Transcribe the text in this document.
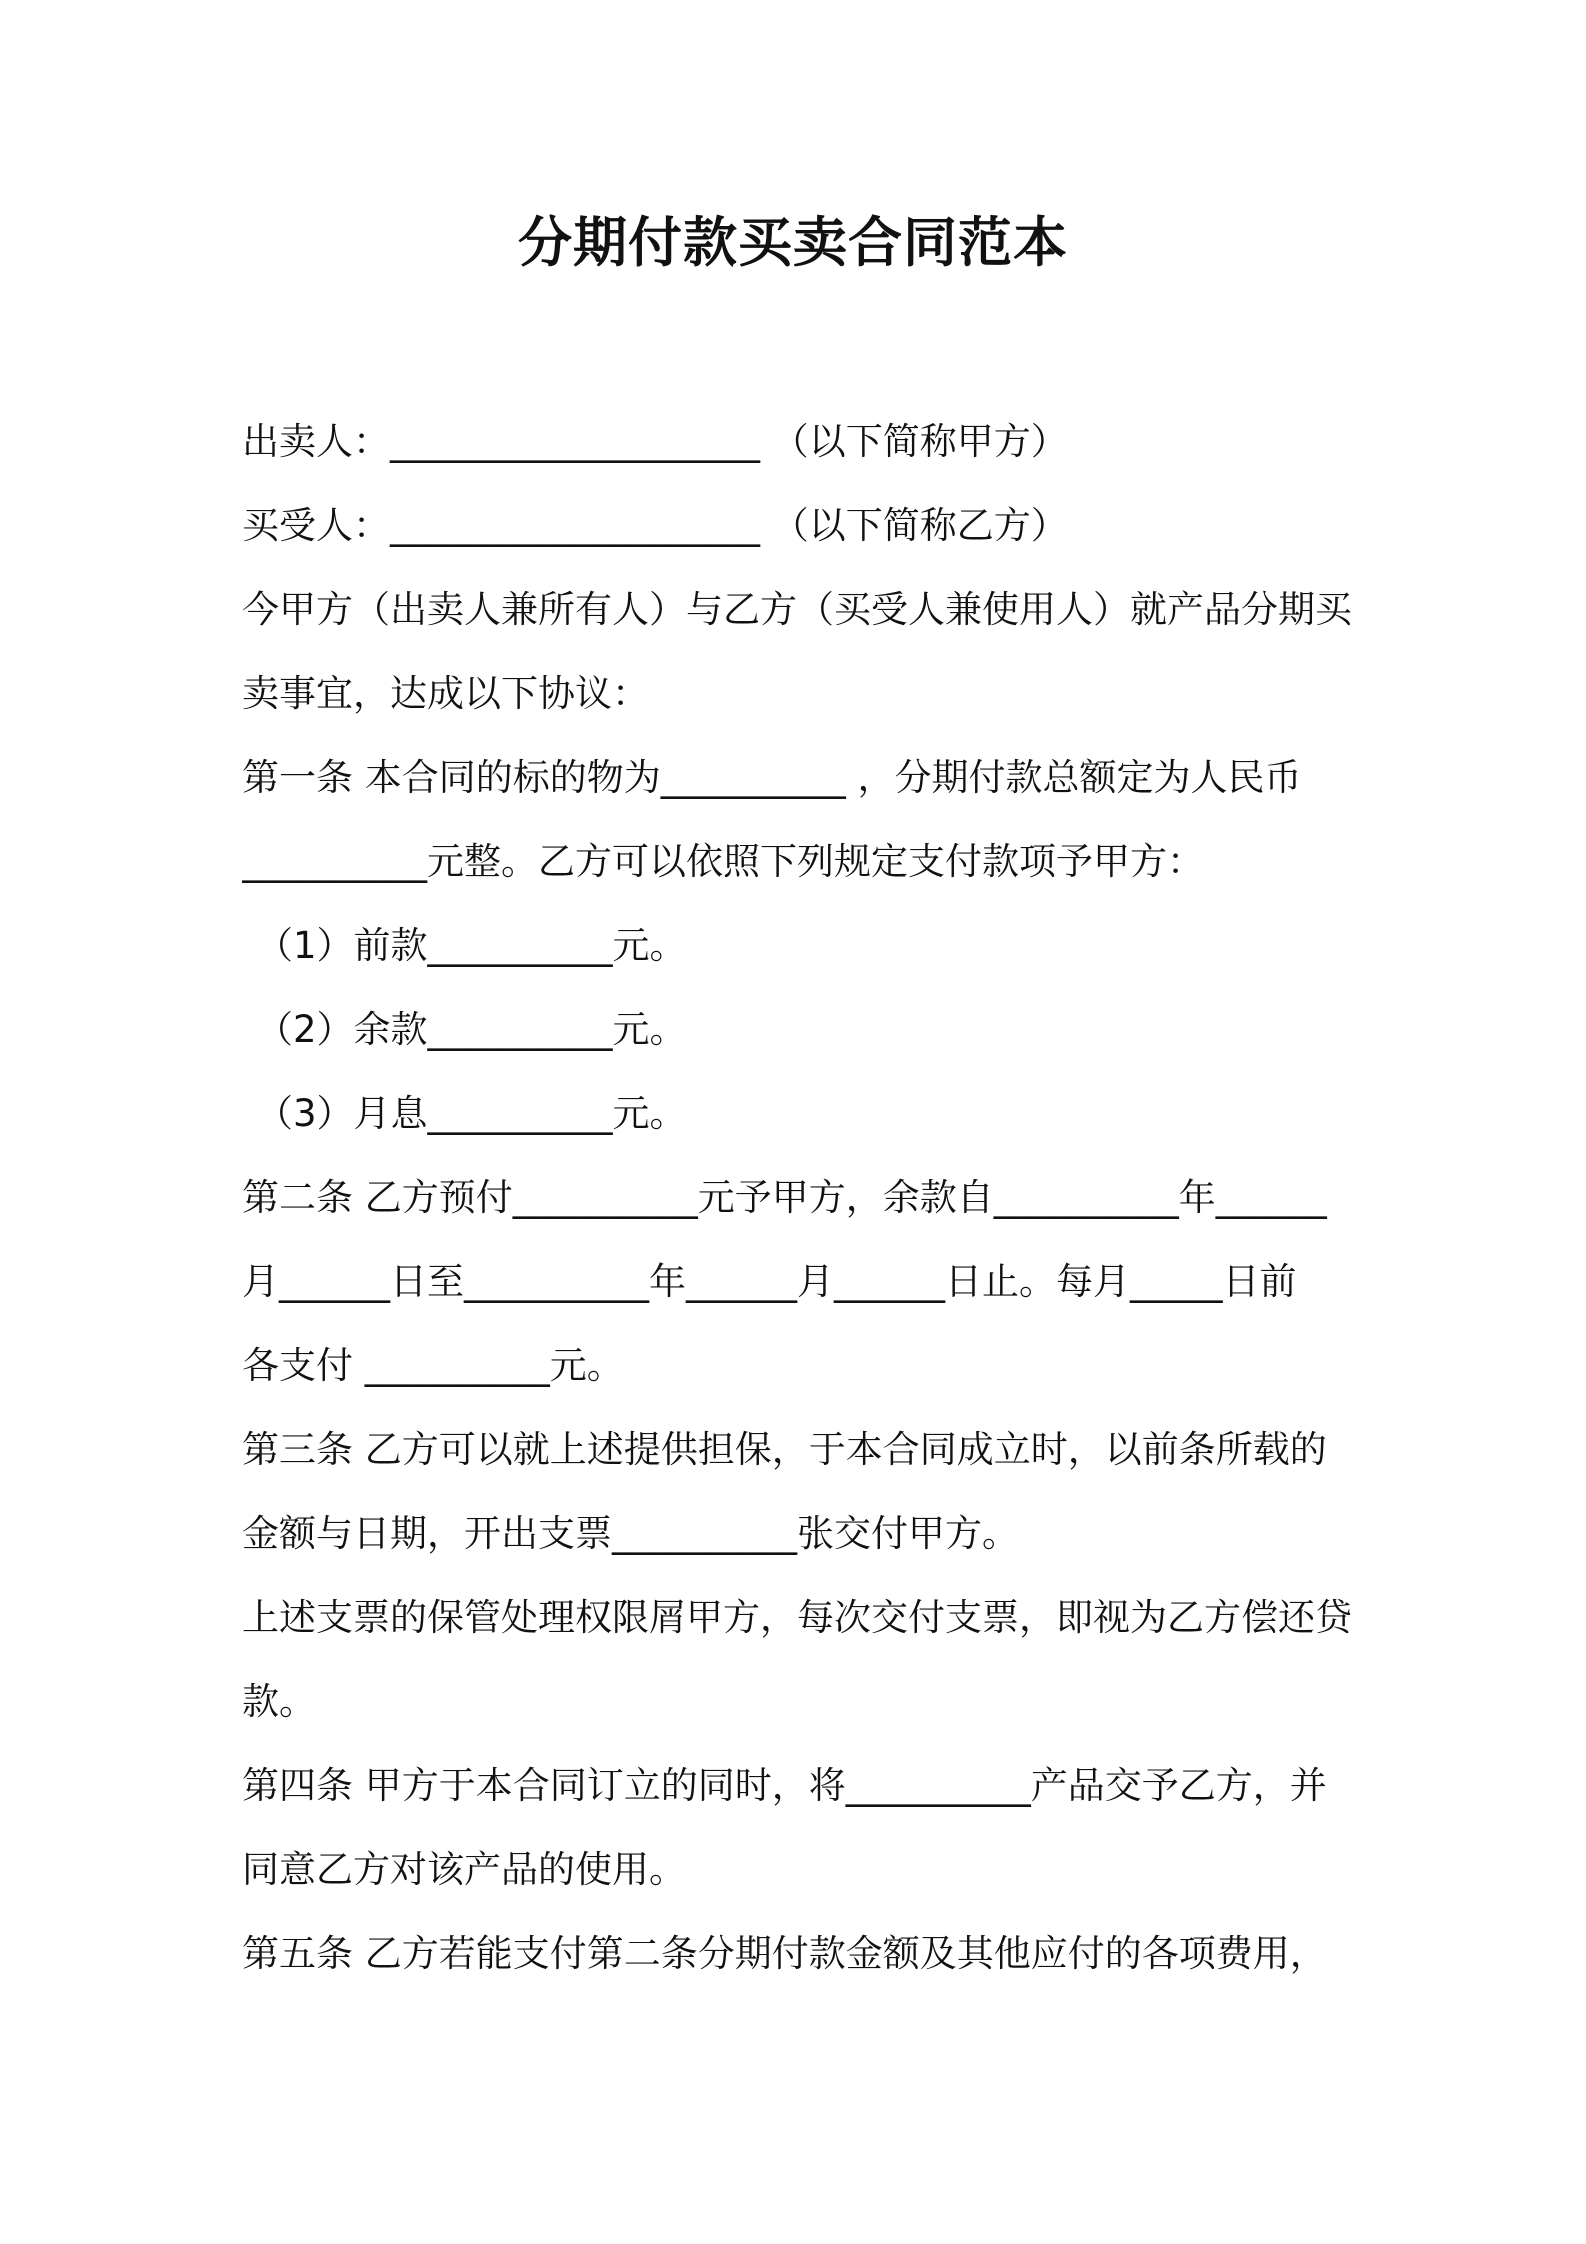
分期付款买卖合同范本
出卖人：____________________ （以下简称甲方）
买受人：____________________ （以下简称乙方）
今甲方（出卖人兼所有人）与乙方（买受人兼使用人）就产品分期买
卖事宜，达成以下协议：
第一条 本合同的标的物为__________ ，分期付款总额定为人民币
__________元整。乙方可以依照下列规定支付款项予甲方：
（1）前款__________元。
（2）余款__________元。
（3）月息__________元。
第二条 乙方预付__________元予甲方，余款自__________年______
月______日至__________年______月______日止。每月_____日前
各支付 __________元。
第三条 乙方可以就上述提供担保，于本合同成立时，以前条所载的
金额与日期，开出支票__________张交付甲方。
上述支票的保管处理权限屑甲方，每次交付支票，即视为乙方偿还贷
款。
第四条 甲方于本合同订立的同时，将__________产品交予乙方，并
同意乙方对该产品的使用。
第五条 乙方若能支付第二条分期付款金额及其他应付的各项费用，
